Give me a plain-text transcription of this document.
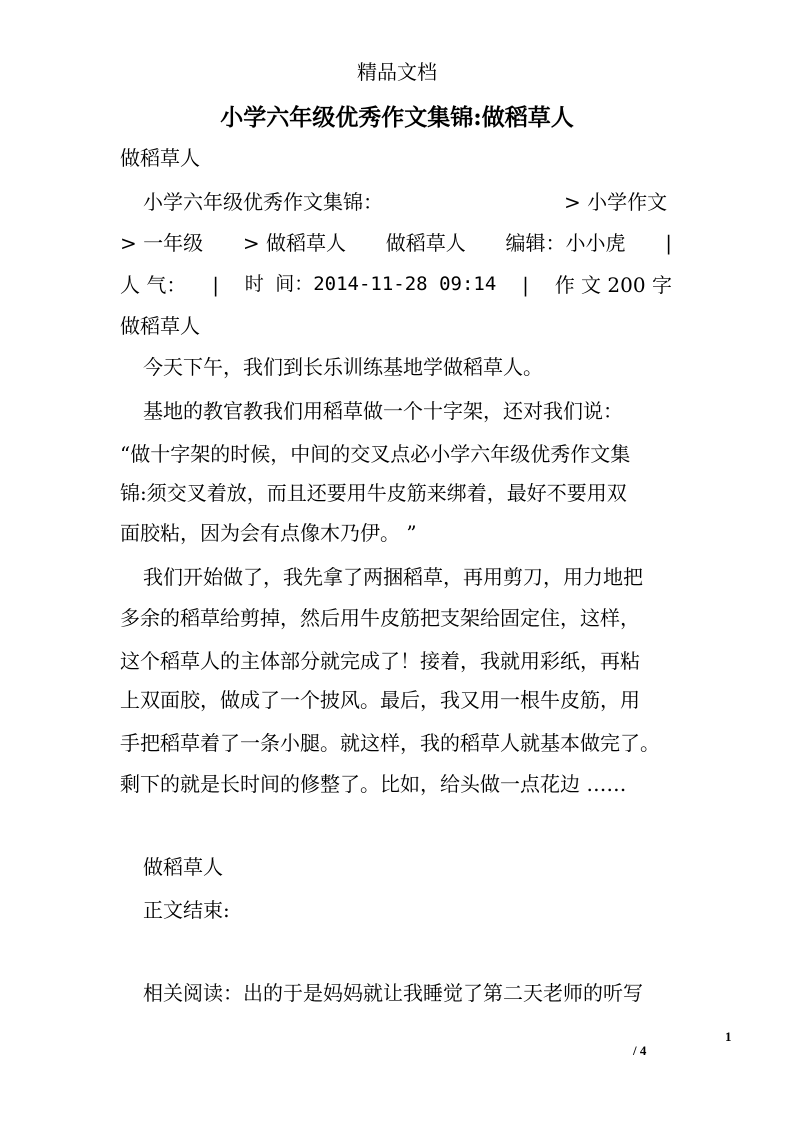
精品文档
小学六年级优秀作文集锦:做稻草人
做稻草人
小学六年级优秀作文集锦：	> 小学作文
> 一年级 > 做稻草人 做稻草人 编辑：小小虎 |
人 气： | 时 间：2014-11-28 09:14 | 作 文 200 字
做稻草人
今天下午，我们到长乐训练基地学做稻草人。
基地的教官教我们用稻草做一个十字架，还对我们说：
“做十字架的时候，中间的交叉点必小学六年级优秀作文集
锦:须交叉着放，而且还要用牛皮筋来绑着，最好不要用双
面胶粘，因为会有点像木乃伊。 ”
我们开始做了，我先拿了两捆稻草，再用剪刀，用力地把
多余的稻草给剪掉，然后用牛皮筋把支架给固定住，这样，
这个稻草人的主体部分就完成了！接着，我就用彩纸，再粘
上双面胶，做成了一个披风。最后，我又用一根牛皮筋，用
手把稻草着了一条小腿。就这样，我的稻草人就基本做完了。
剩下的就是长时间的修整了。比如，给头做一点花边 ……
做稻草人
正文结束:
相关阅读：出的于是妈妈就让我睡觉了第二天老师的听写
1
/ 4
